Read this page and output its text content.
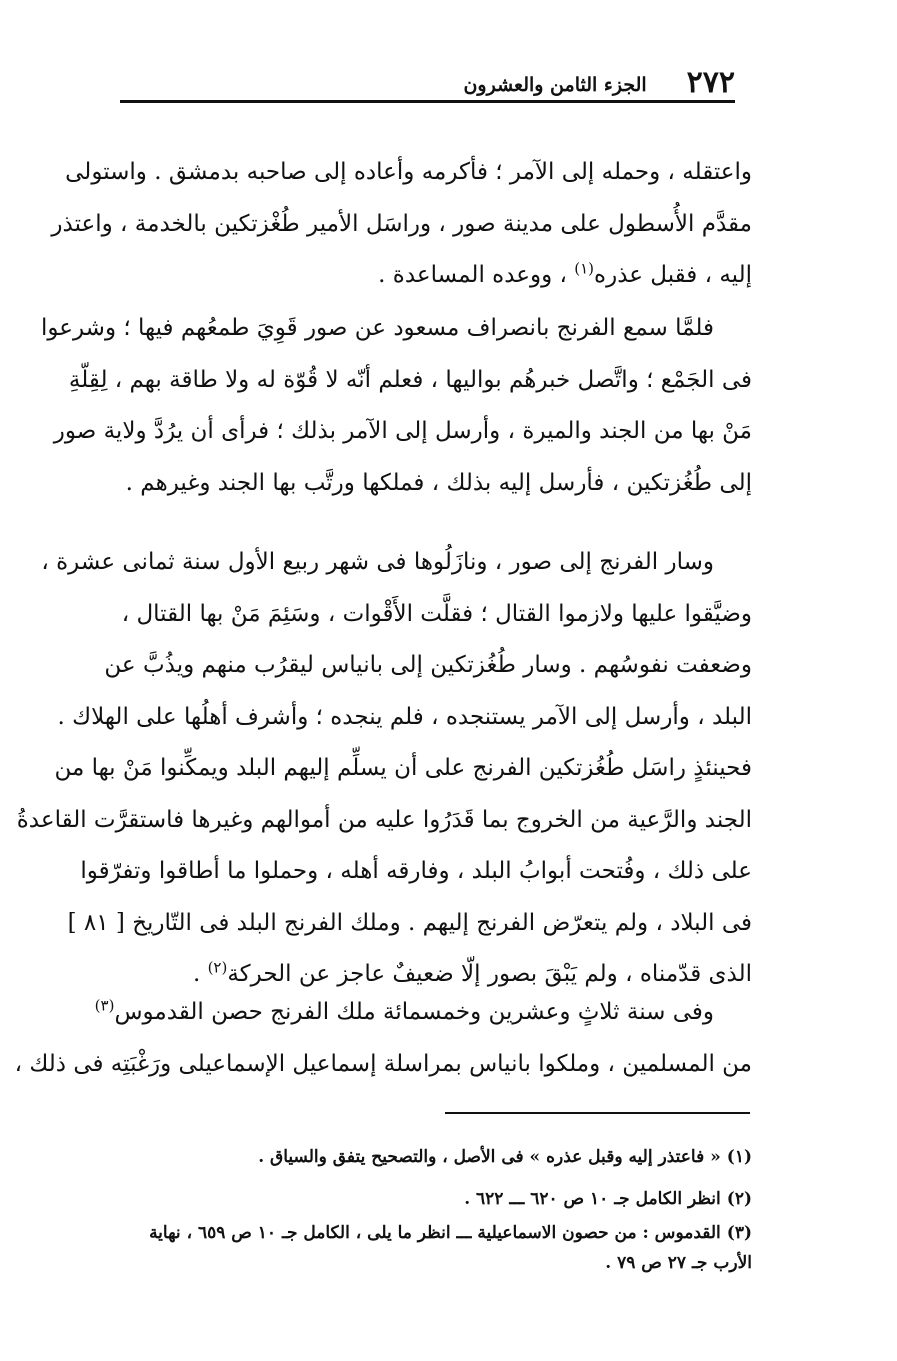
٢٧٢
الجزء الثامن والعشرون
واعتقله ، وحمله إلى الآمر ؛ فأكرمه وأعاده إلى صاحبه بدمشق . واستولى
مقدَّم الأُسطول على مدينة صور ، وراسَل الأمير طُغْزتكين بالخدمة ، واعتذر
إليه ، فقبل عذره$^{(١)}$ ، ووعده المساعدة .
فلمَّا سمع الفرنج بانصراف مسعود عن صور قَوِيَ طمعُهم فيها ؛ وشرعوا
فى الجَمْع ؛ واتَّصل خبرهُم بواليها ، فعلم أنّه لا قُوّة له ولا طاقة بهم ، لِقِلّةِ
مَنْ بها من الجند والميرة ، وأرسل إلى الآمر بذلك ؛ فرأى أن يرُدَّ ولاية صور
إلى طُغُزتكين ، فأرسل إليه بذلك ، فملكها ورتَّب بها الجند وغيرهم .
وسار الفرنج إلى صور ، ونازَلُوها فى شهر ربيع الأول سنة ثمانى عشرة ،
وضيَّقوا عليها ولازموا القتال ؛ فقلَّت الأَقْوات ، وسَئِمَ مَنْ بها القتال ،
وضعفت نفوسُهم . وسار طُغُزتكين إلى بانياس ليقرُب منهم ويذُبَّ عن
البلد ، وأرسل إلى الآمر يستنجده ، فلم ينجده ؛ وأشرف أهلُها على الهلاك .
فحينئذٍ راسَل طُغُزتكين الفرنج على أن يسلِّم إليهم البلد ويمكِّنوا مَنْ بها من
الجند والرَّعية من الخروج بما قَدَرُوا عليه من أموالهم وغيرها فاستقرَّت القاعدةُ
على ذلك ، وفُتحت أبوابُ البلد ، وفارقه أهله ، وحملوا ما أطاقوا وتفرّقوا
فى البلاد ، ولم يتعرّض الفرنج إليهم . وملك الفرنج البلد فى التّاريخ [ ٨١ ]
الذى قدّمناه ، ولم يَبْقَ بصور إلّا ضعيفٌ عاجز عن الحركة$^{(٢)}$ .
وفى سنة ثلاثٍ وعشرين وخمسمائة ملك الفرنج حصن القدموس$^{(٣)}$
من المسلمين ، وملكوا بانياس بمراسلة إسماعيل الإسماعيلى ورَغْبَتِه فى ذلك ،
(١)« فاعتذر إليه وقبل عذره » فى الأصل ، والتصحيح يتفق والسياق .
(٢)انظر الكامل جـ ١٠ ص ٦٢٠ ـــ ٦٢٢ .
(٣)القدموس : من حصون الاسماعيلية ـــ انظر ما يلى ، الكامل جـ ١٠ ص ٦٥٩ ، نهاية
الأرب جـ ٢٧ ص ٧٩ .
